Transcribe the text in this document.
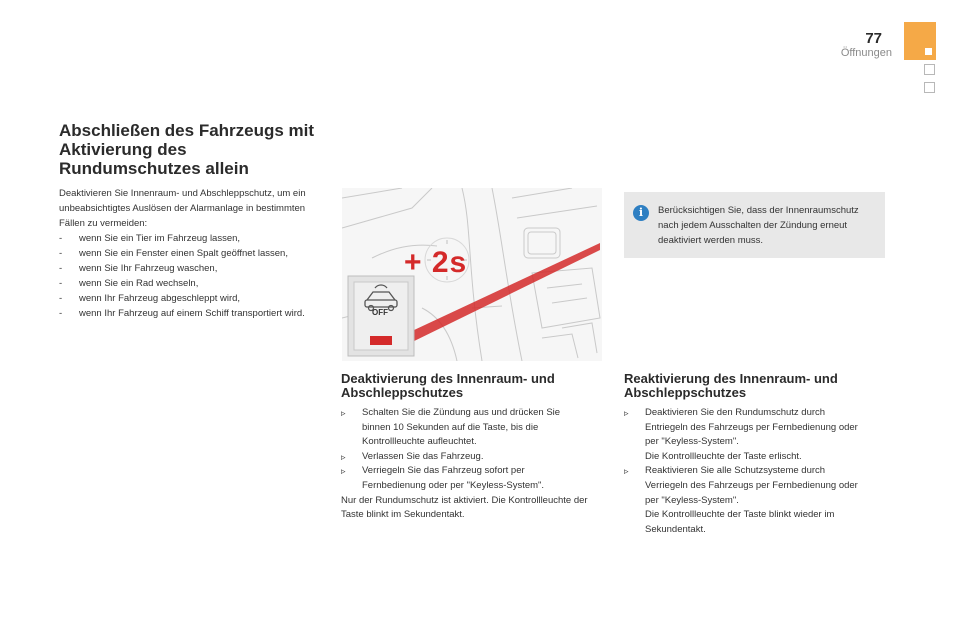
77
Öffnungen
Abschließen des Fahrzeugs mit Aktivierung des Rundumschutzes allein

Deaktivieren Sie Innenraum- und Abschleppschutz, um ein unbeabsichtigtes Auslösen der Alarmanlage in bestimmten Fällen zu vermeiden:

- wenn Sie ein Tier im Fahrzeug lassen,
- wenn Sie ein Fenster einen Spalt geöffnet lassen,
- wenn Sie Ihr Fahrzeug waschen,
- wenn Sie ein Rad wechseln,
- wenn Ihr Fahrzeug abgeschleppt wird,
- wenn Ihr Fahrzeug auf einem Schiff transportiert wird.
+ 2s
OFF
i	Berücksichtigen Sie, dass der Innenraumschutz nach jedem Ausschalten der Zündung erneut deaktiviert werden muss.
Deaktivierung des Innenraum- und Abschleppschutzes
▹ Schalten Sie die Zündung aus und drücken Sie binnen 10 Sekunden auf die Taste, bis die Kontrollleuchte aufleuchtet.
▹ Verlassen Sie das Fahrzeug.
▹ Verriegeln Sie das Fahrzeug sofort per Fernbedienung oder per "Keyless-System".

Nur der Rundumschutz ist aktiviert. Die Kontrollleuchte der Taste blinkt im Sekundentakt.

Reaktivierung des Innenraum- und Abschleppschutzes
▹ Deaktivieren Sie den Rundumschutz durch Entriegeln des Fahrzeugs per Fernbedienung oder per "Keyless-System".
Die Kontrollleuchte der Taste erlischt.
▹ Reaktivieren Sie alle Schutzsysteme durch Verriegeln des Fahrzeugs per Fernbedienung oder per "Keyless-System".
Die Kontrollleuchte der Taste blinkt wieder im Sekundentakt.
